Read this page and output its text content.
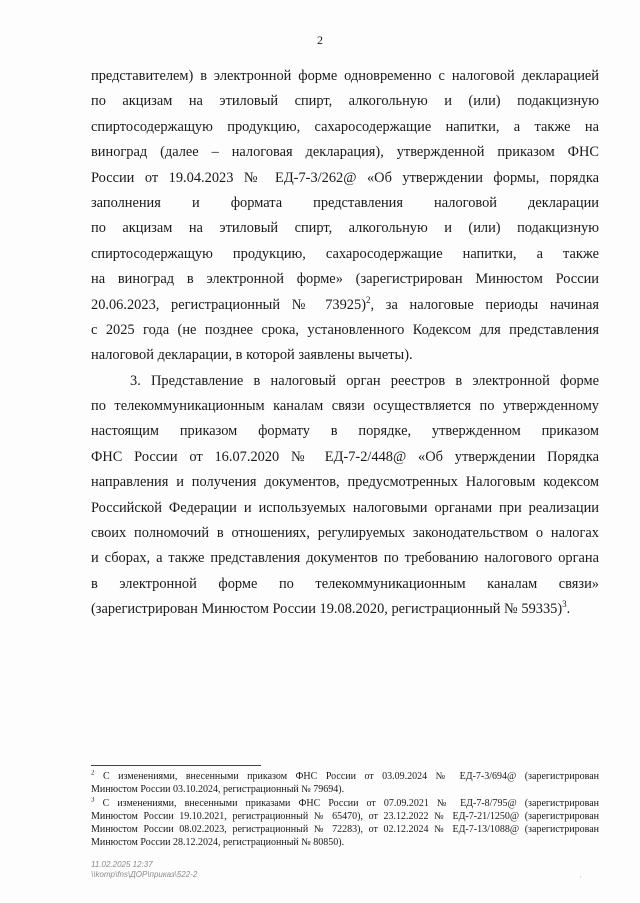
2
представителем) в электронной форме одновременно с налоговой декларацией
по акцизам на этиловый спирт, алкогольную и (или) подакцизную
спиртосодержащую продукцию, сахаросодержащие напитки, а также на
виноград (далее – налоговая декларация), утвержденной приказом ФНС
России от 19.04.2023 № ЕД-7-3/262@ «Об утверждении формы, порядка
заполнения и формата представления налоговой декларации
по акцизам на этиловый спирт, алкогольную и (или) подакцизную
спиртосодержащую продукцию, сахаросодержащие напитки, а также
на виноград в электронной форме» (зарегистрирован Минюстом России
20.06.2023, регистрационный № 73925)$^2$, за налоговые периоды начиная
с 2025 года (не позднее срока, установленного Кодексом для представления
налоговой декларации, в которой заявлены вычеты).
3. Представление в налоговый орган реестров в электронной форме
по телекоммуникационным каналам связи осуществляется по утвержденному
настоящим приказом формату в порядке, утвержденном приказом
ФНС России от 16.07.2020 № ЕД-7-2/448@ «Об утверждении Порядка
направления и получения документов, предусмотренных Налоговым кодексом
Российской Федерации и используемых налоговыми органами при реализации
своих полномочий в отношениях, регулируемых законодательством о налогах
и сборах, а также представления документов по требованию налогового органа
в электронной форме по телекоммуникационным каналам связи»
(зарегистрирован Минюстом России 19.08.2020, регистрационный № 59335)$^3$.
$^2$ С изменениями, внесенными приказом ФНС России от 03.09.2024 № ЕД-7-3/694@ (зарегистрирован
Минюстом России 03.10.2024, регистрационный № 79694).
$^3$ С изменениями, внесенными приказами ФНС России от 07.09.2021 № ЕД-7-8/795@ (зарегистрирован
Минюстом России 19.10.2021, регистрационный № 65470), от 23.12.2022 № ЕД-7-21/1250@ (зарегистрирован
Минюстом России 08.02.2023, регистрационный № 72283), от 02.12.2024 № ЕД-7-13/1088@ (зарегистрирован
Минюстом России 28.12.2024, регистрационный № 80850).
11.02.2025 12:37
\\komp\fns\ДОР\приказ\522-2	·
